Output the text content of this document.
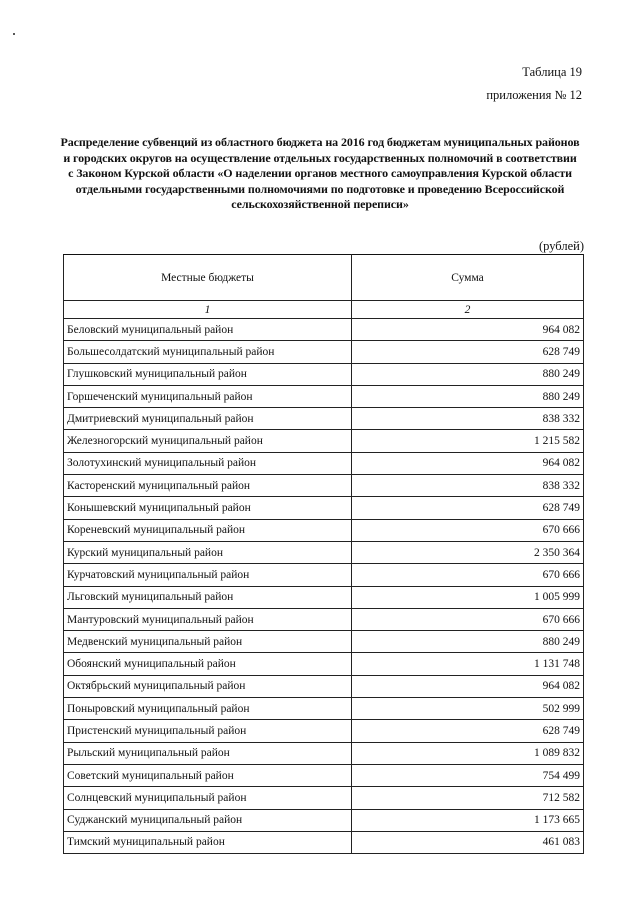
Таблица 19
приложения № 12
Распределение субвенций из областного бюджета на 2016 год бюджетам муниципальных районов и городских округов на осуществление отдельных государственных полномочий в соответствии с Законом Курской области «О наделении органов местного самоуправления Курской области отдельными государственными полномочиями по подготовке и проведению Всероссийской сельскохозяйственной переписи»
(рублей)
Местные бюджеты	Сумма
1	2
Беловский муниципальный район	964 082
Большесолдатский муниципальный район	628 749
Глушковский муниципальный район	880 249
Горшеченский муниципальный район	880 249
Дмитриевский муниципальный район	838 332
Железногорский муниципальный район	1 215 582
Золотухинский муниципальный район	964 082
Касторенский муниципальный район	838 332
Конышевский муниципальный район	628 749
Кореневский муниципальный район	670 666
Курский муниципальный район	2 350 364
Курчатовский муниципальный район	670 666
Льговский муниципальный район	1 005 999
Мантуровский муниципальный район	670 666
Медвенский муниципальный район	880 249
Обоянский муниципальный район	1 131 748
Октябрьский муниципальный район	964 082
Поныровский муниципальный район	502 999
Пристенский муниципальный район	628 749
Рыльский муниципальный район	1 089 832
Советский муниципальный район	754 499
Солнцевский муниципальный район	712 582
Суджанский муниципальный район	1 173 665
Тимский муниципальный район	461 083
